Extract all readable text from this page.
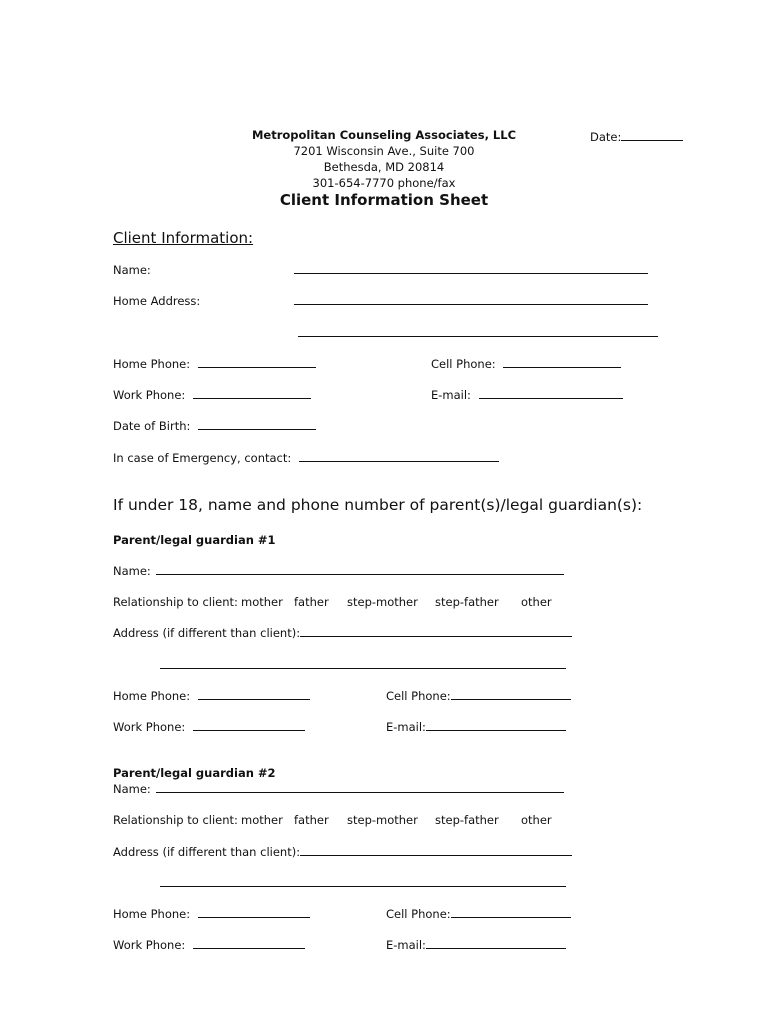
Metropolitan Counseling Associates, LLC
7201 Wisconsin Ave., Suite 700
Bethesda, MD 20814
301-654-7770 phone/fax
Date:
Client Information Sheet
Client Information:
Name:
Home Address:
Home Phone:	Cell Phone:
Work Phone:	E-mail:
Date of Birth:
In case of Emergency, contact:
If under 18, name and phone number of parent(s)/legal guardian(s):
Parent/legal guardian #1
Name:
Relationship to client: mother father step-mother step-father other
Address (if different than client):
Home Phone:	Cell Phone:
Work Phone:	E-mail:
Parent/legal guardian #2
Name:
Relationship to client: mother father step-mother step-father other
Address (if different than client):
Home Phone:	Cell Phone:
Work Phone:	E-mail:
